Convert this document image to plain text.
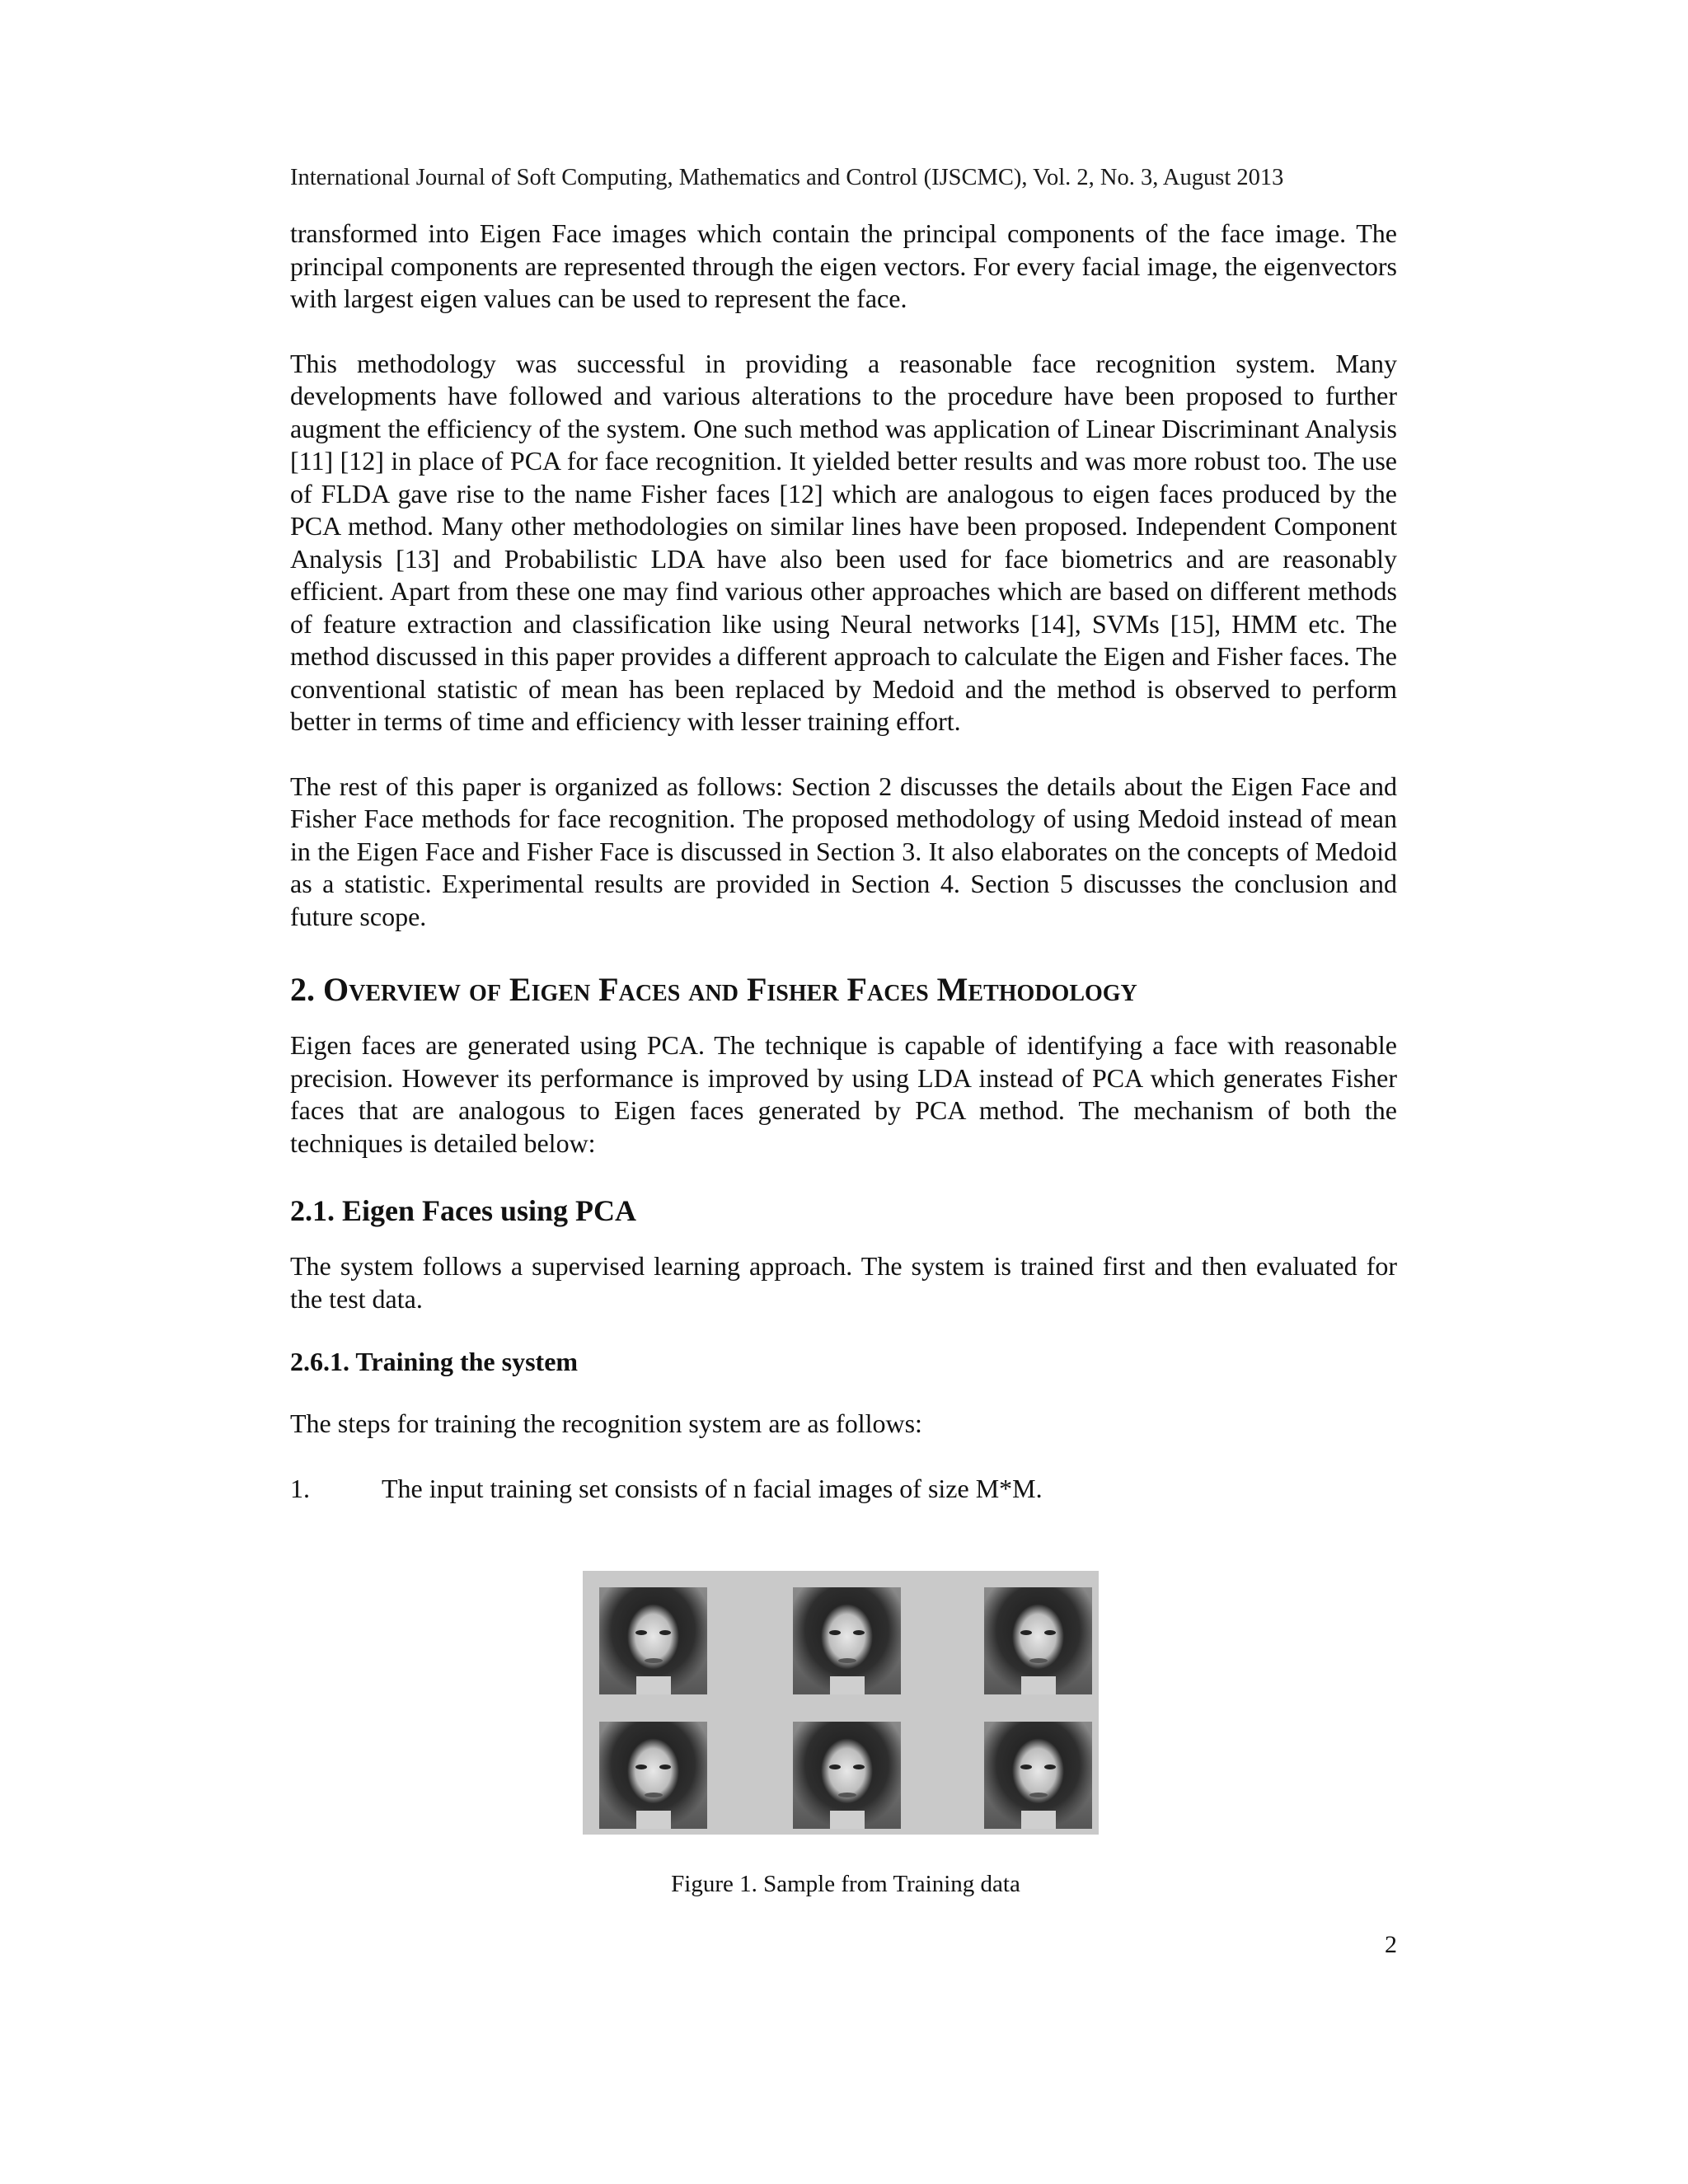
International Journal of Soft Computing, Mathematics and Control (IJSCMC), Vol. 2, No. 3, August 2013

transformed into Eigen Face images which contain the principal components of the face image. The principal components are represented through the eigen vectors. For every facial image, the eigenvectors with largest eigen values can be used to represent the face.

This methodology was successful in providing a reasonable face recognition system. Many developments have followed and various alterations to the procedure have been proposed to further augment the efficiency of the system. One such method was application of Linear Discriminant Analysis [11] [12] in place of PCA for face recognition. It yielded better results and was more robust too. The use of FLDA gave rise to the name Fisher faces [12] which are analogous to eigen faces produced by the PCA method. Many other methodologies on similar lines have been proposed. Independent Component Analysis [13] and Probabilistic LDA have also been used for face biometrics and are reasonably efficient. Apart from these one may find various other approaches which are based on different methods of feature extraction and classification like using Neural networks [14], SVMs [15], HMM etc. The method discussed in this paper provides a different approach to calculate the Eigen and Fisher faces. The conventional statistic of mean has been replaced by Medoid and the method is observed to perform better in terms of time and efficiency with lesser training effort.

The rest of this paper is organized as follows: Section 2 discusses the details about the Eigen Face and Fisher Face methods for face recognition. The proposed methodology of using Medoid instead of mean in the Eigen Face and Fisher Face is discussed in Section 3. It also elaborates on the concepts of Medoid as a statistic. Experimental results are provided in Section 4. Section 5 discusses the conclusion and future scope.

2. Overview of Eigen Faces and Fisher Faces Methodology

Eigen faces are generated using PCA. The technique is capable of identifying a face with reasonable precision. However its performance is improved by using LDA instead of PCA which generates Fisher faces that are analogous to Eigen faces generated by PCA method. The mechanism of both the techniques is detailed below:

2.1. Eigen Faces using PCA

The system follows a supervised learning approach. The system is trained first and then evaluated for the test data.

2.6.1. Training the system

The steps for training the recognition system are as follows:

1.	The input training set consists of n facial images of size M*M.
Figure 1. Sample from Training data
2
